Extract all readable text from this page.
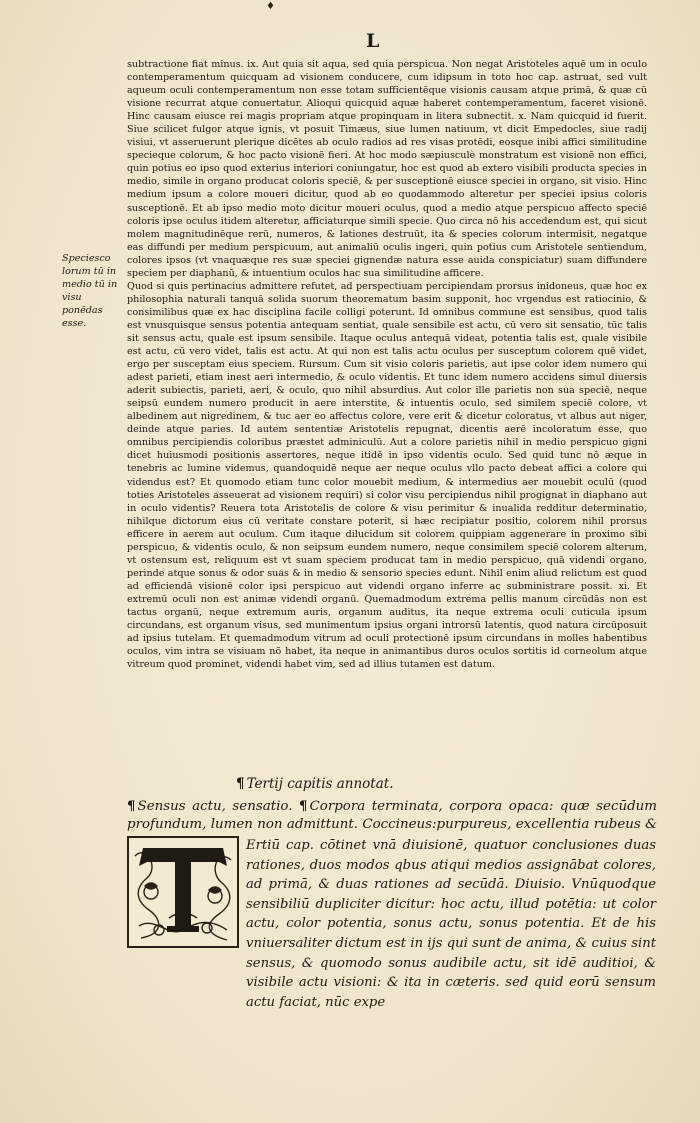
♦
L
Speciesco lorum tū in medio tū in visu ponēdas esse.

subtractione fiat minus. ix. Aut quia sit aqua, sed quia perspicua. Non negat Aristoteles aquē um in oculo contemperamentum quicquam ad visionem conducere, cum idipsum in toto hoc cap. astruat, sed vult aqueum oculi contemperamentum non esse totam sufficientēque visionis causam atque primā, & quæ cū visione recurrat atque conuertatur. Alioqui quicquid aquæ haberet contemperamentum, faceret visionē. Hinc causam eiusce rei magis propriam atque propinquam in litera subnectit. x. Nam quicquid id fuerit. Siue scilicet fulgor atque ignis, vt posuit Timæus, siue lumen natiuum, vt dicit Empedocles, siue radij visiui, vt asseruerunt plerique dicētes ab oculo radios ad res visas protēdi, eosque inibi affici similitudine specieque colorum, & hoc pacto visionē fieri. At hoc modo sæpiusculè monstratum est visionē non effici, quin potius eo ipso quod exterius interiori coniungatur, hoc est quod ab extero visibili producta species in medio, simile in organo producat coloris speciē, & per susceptionē eiusce speciei in organo, sit visio. Hinc medium ipsum a colore moueri dicitur, quod ab eo quodammodo alteretur per speciei ipsius coloris susceptionē. Et ab ipso medio moto dicitur moueri oculus, quod a medio atque perspicuo affecto speciē coloris ipse oculus itidem alteretur, afficiaturque simili specie. Quo circa nō his accedendum est, qui sicut molem magnitudinēque rerū, numeros, & lationes destruūt, ita & species colorum intermisit, negatque eas diffundi per medium perspicuum, aut animaliū oculis ingeri, quin potius cum Aristotele sentiendum, colores ipsos (vt vnaquæque res suæ speciei gignendæ natura esse auida conspiciatur) suam diffundere speciem per diaphanū, & intuentium oculos hac sua similitudine afficere.

Quod si quis pertinacius admittere refutet, ad perspectiuam percipiendam prorsus inidoneus, quæ hoc ex philosophia naturali tanquā solida suorum theorematum basim supponit, hoc vrgendus est ratiocinio, & consimilibus quæ ex hac disciplina facile colligi poterunt. Id omnibus commune est sensibus, quod talis est vnusquisque sensus potentia antequam sentiat, quale sensibile est actu, cū vero sit sensatio, tūc talis sit sensus actu, quale est ipsum sensibile. Itaque oculus antequā videat, potentia talis est, quale visibile est actu, cū vero videt, talis est actu. At qui non est talis actu oculus per susceptum colorem quē videt, ergo per susceptam eius speciem. Rursum. Cum sit visio coloris parietis, aut ipse color idem numero qui adest parieti, etiam inest aeri intermedio, & oculo videntis. Et tunc idem numero accidens simul diuersis aderit subiectis, parieti, aeri, & oculo, quo nihil absurdius. Aut color ille parietis non sua speciē, neque seipsū eundem numero producit in aere interstite, & intuentis oculo, sed similem speciē colore, vt albedinem aut nigredinem, & tuc aer eo affectus colore, vere erit & dicetur coloratus, vt albus aut niger, deinde atque paries. Id autem sententiæ Aristotelis repugnat, dicentis aerē incoloratum esse, quo omnibus percipiendis coloribus præstet adminiculū. Aut a colore parietis nihil in medio perspicuo gigni dicet huiusmodi positionis assertores, neque itidē in ipso videntis oculo. Sed quid tunc nō æque in tenebris ac lumine videmus, quandoquidē neque aer neque oculus vllo pacto debeat affici a colore qui videndus est? Et quomodo etiam tunc color mouebit medium, & intermedius aer mouebit oculū (quod toties Aristoteles asseuerat ad visionem requiri) si color visu percipiendus nihil progignat in diaphano aut in oculo videntis? Reuera tota Aristotelis de colore & visu perimitur & inualida redditur determinatio, nihilque dictorum eius cū veritate constare poterit, si hæc recipiatur positio, colorem nihil prorsus efficere in aerem aut oculum. Cum itaque dilucidum sit colorem quippiam aggenerare in proximo sibi perspicuo, & videntis oculo, & non seipsum eundem numero, neque consimilem speciē colorem alterum, vt ostensum est, reliquum est vt suam speciem producat tam in medio perspicuo, quā videndi organo, perinde atque sonus & odor suas & in medio & sensorio species edunt. Nihil enim aliud relictum est quod ad efficiendā visionē color ipsi perspicuo aut videndi organo inferre ac subministrare possit. xi. Et extremū oculi non est animæ videndi organū. Quemadmodum extrema pellis manum circūdās non est tactus organū, neque extremum auris, organum auditus, ita neque extrema oculi cuticula ipsum circundans, est organum visus, sed munimentum ipsius organi introrsū latentis, quod natura circūposuit ad ipsius tutelam. Et quemadmodum vitrum ad oculi protectionē ipsum circundans in molles habentibus oculos, vim intra se visiuam nō habet, ita neque in animantibus duros oculos sortitis id corneolum atque vitreum quod prominet, videndi habet vim, sed ad illius tutamen est datum.

¶ Tertij capitis annotat.
¶ Sensus actu, sensatio. ¶ Corpora terminata, corpora opaca: quæ secūdum profundum, lumen non admittunt. Coccineus:purpureus, excellentia rubeus &
T
Ertiū cap. cōtinet vnā diuisionē, quatuor conclusiones duas rationes, duos modos qbus atiqui medios assignābat colores, ad primā, & duas rationes ad secūdā. Diuisio. Vnūquodque sensibiliū dupliciter dicitur: hoc actu, illud potētia: ut color actu, color potentia, sonus actu, sonus potentia. Et de his vniuersaliter dictum est in ijs qui sunt de anima, & cuius sint sensus, & quomodo sonus audibile actu, sit idē auditioi, & visibile actu visioni: & ita in cæteris. sed quid eorū sensum actu faciat, nūc expe
